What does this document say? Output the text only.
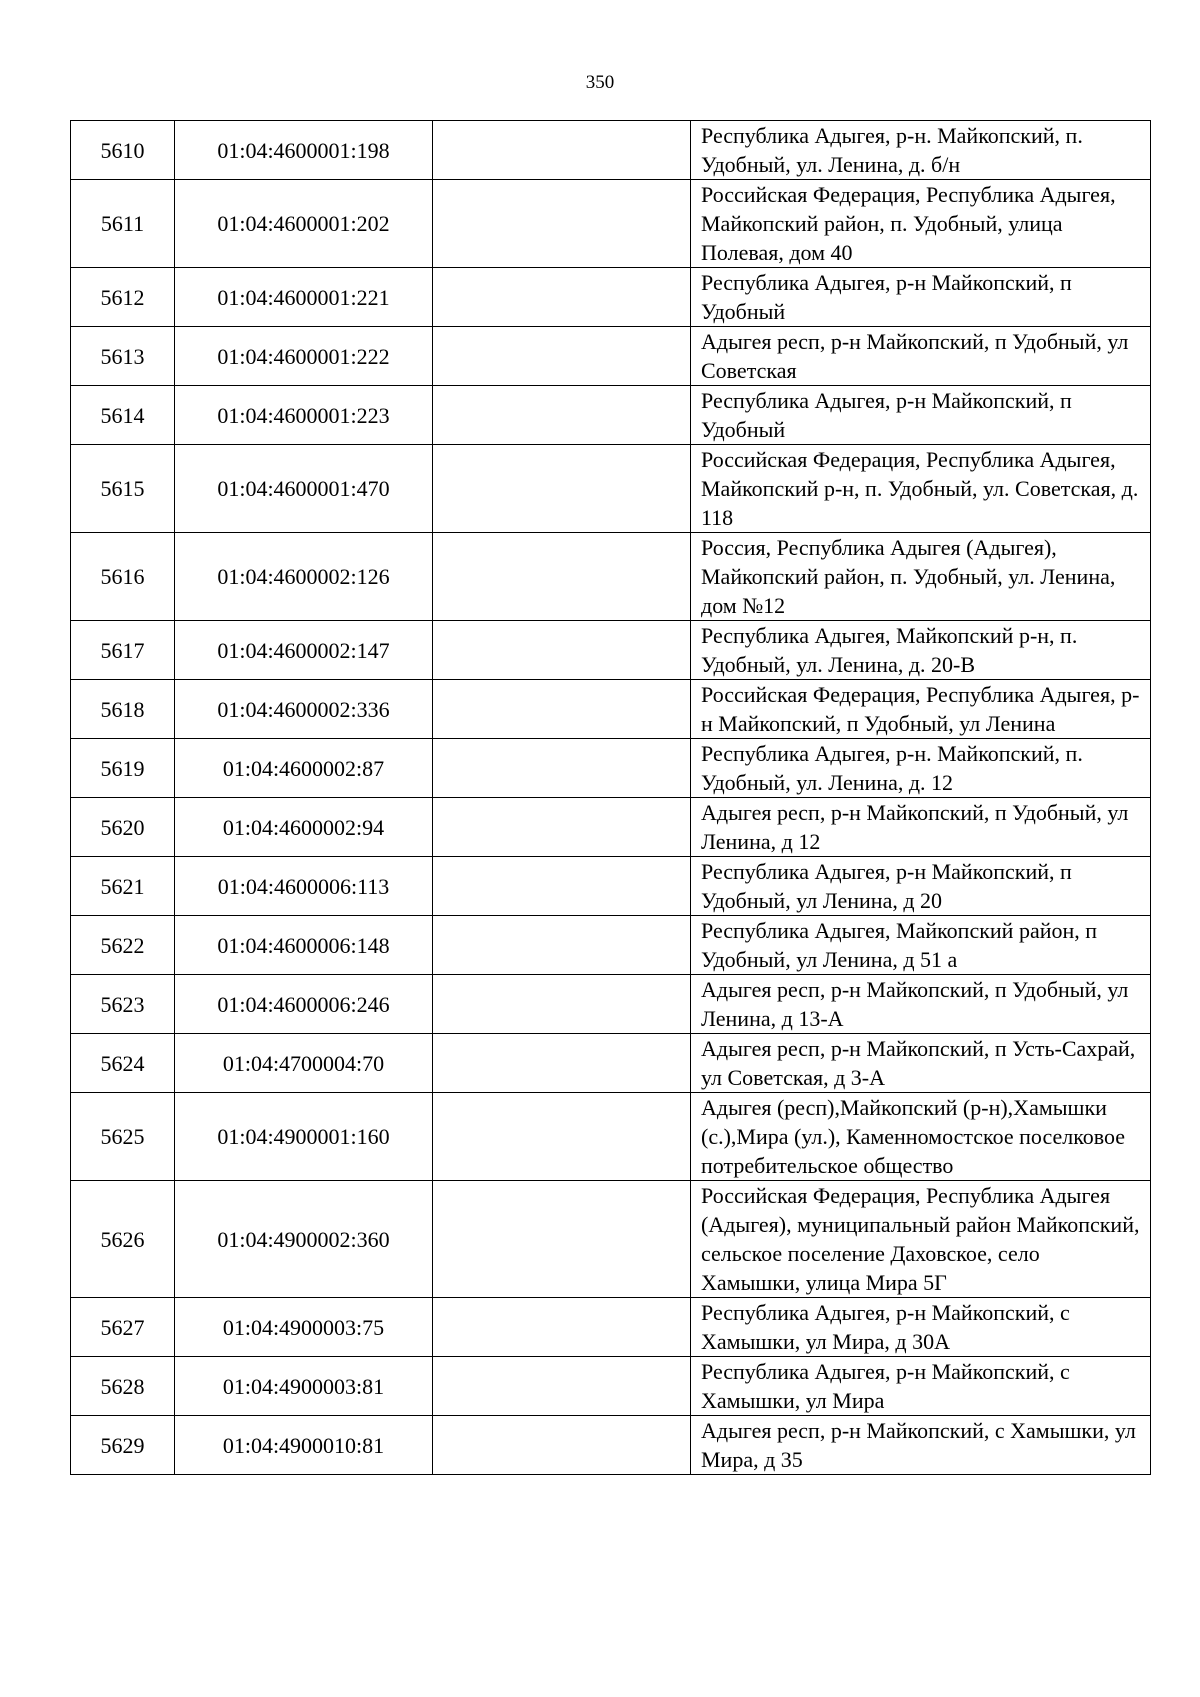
350
5610	01:04:4600001:198		Республика Адыгея, р-н. Майкопский, п. Удобный, ул. Ленина, д. б/н
5611	01:04:4600001:202		Российская Федерация, Республика Адыгея, Майкопский район, п. Удобный, улица Полевая, дом 40
5612	01:04:4600001:221		Республика Адыгея, р-н Майкопский, п Удобный
5613	01:04:4600001:222		Адыгея респ, р-н Майкопский, п Удобный, ул Советская
5614	01:04:4600001:223		Республика Адыгея, р-н Майкопский, п Удобный
5615	01:04:4600001:470		Российская Федерация, Республика Адыгея, Майкопский р-н, п. Удобный, ул. Советская, д. 118
5616	01:04:4600002:126		Россия, Республика Адыгея (Адыгея), Майкопский район, п. Удобный, ул. Ленина, дом №12
5617	01:04:4600002:147		Республика Адыгея, Майкопский р-н, п. Удобный, ул. Ленина, д. 20-В
5618	01:04:4600002:336		Российская Федерация, Республика Адыгея, р-н Майкопский, п Удобный, ул Ленина
5619	01:04:4600002:87		Республика Адыгея, р-н. Майкопский, п. Удобный, ул. Ленина, д. 12
5620	01:04:4600002:94		Адыгея респ, р-н Майкопский, п Удобный, ул Ленина, д 12
5621	01:04:4600006:113		Республика Адыгея, р-н Майкопский, п Удобный, ул Ленина, д 20
5622	01:04:4600006:148		Республика Адыгея, Майкопский район, п Удобный, ул Ленина, д 51 а
5623	01:04:4600006:246		Адыгея респ, р-н Майкопский, п Удобный, ул Ленина, д 13-А
5624	01:04:4700004:70		Адыгея респ, р-н Майкопский, п Усть-Сахрай, ул Советская, д 3-А
5625	01:04:4900001:160		Адыгея (респ),Майкопский (р-н),Хамышки (с.),Мира (ул.), Каменномостское поселковое потребительское общество
5626	01:04:4900002:360		Российская Федерация, Республика Адыгея (Адыгея), муниципальный район Майкопский, сельское поселение Даховское, село Хамышки, улица Мира 5Г
5627	01:04:4900003:75		Республика Адыгея, р-н Майкопский, с Хамышки, ул Мира, д 30А
5628	01:04:4900003:81		Республика Адыгея, р-н Майкопский, с Хамышки, ул Мира
5629	01:04:4900010:81		Адыгея респ, р-н Майкопский, с Хамышки, ул Мира, д 35
